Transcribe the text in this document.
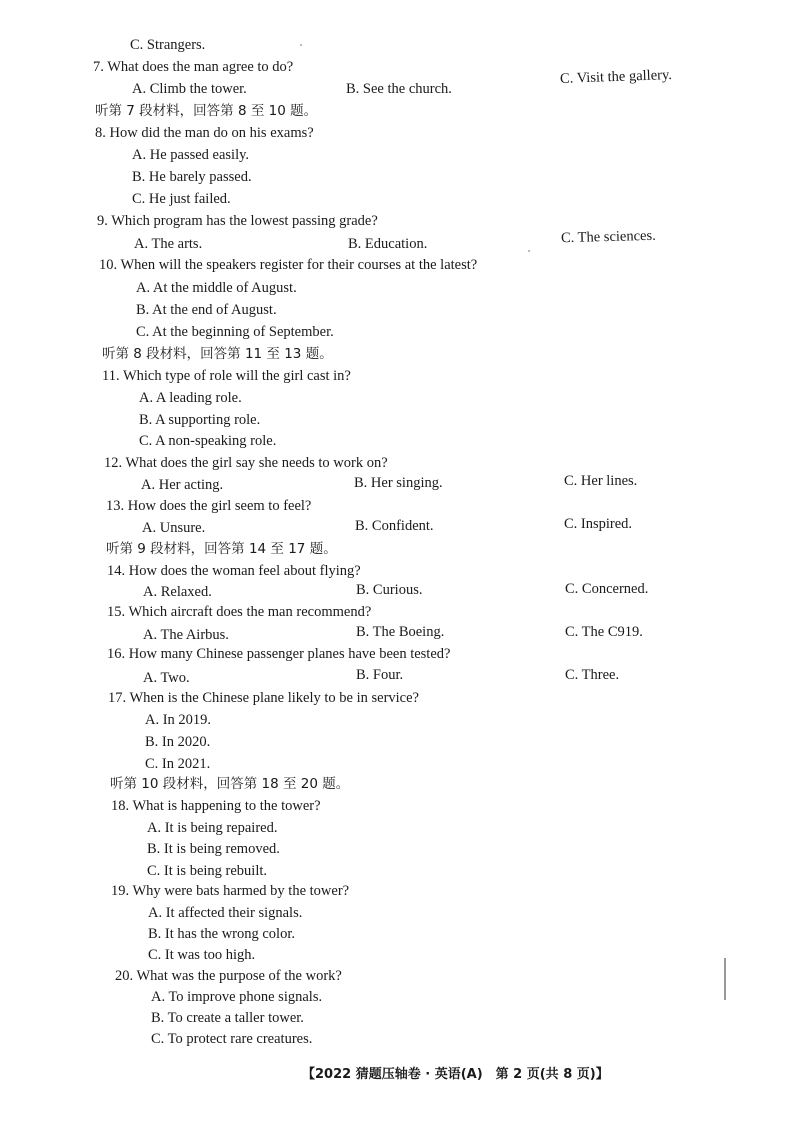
C. Strangers.
7. What does the man agree to do?
A. Climb the tower.	B. See the church.
C. Visit the gallery.
听第 7 段材料，回答第 8 至 10 题。
8. How did the man do on his exams?
A. He passed easily.
B. He barely passed.
C. He just failed.
9. Which program has the lowest passing grade?
A. The arts.	B. Education.	C. The sciences.
10. When will the speakers register for their courses at the latest?
A. At the middle of August.
B. At the end of August.
C. At the beginning of September.
听第 8 段材料，回答第 11 至 13 题。
11. Which type of role will the girl cast in?
A. A leading role.
B. A supporting role.
C. A non-speaking role.
12. What does the girl say she needs to work on?
A. Her acting.	B. Her singing.	C. Her lines.
13. How does the girl seem to feel?
A. Unsure.	B. Confident.	C. Inspired.
听第 9 段材料，回答第 14 至 17 题。
14. How does the woman feel about flying?
A. Relaxed.	B. Curious.	C. Concerned.
15. Which aircraft does the man recommend?
A. The Airbus.	B. The Boeing.	C. The C919.
16. How many Chinese passenger planes have been tested?
A. Two.	B. Four.	C. Three.
17. When is the Chinese plane likely to be in service?
A. In 2019.
B. In 2020.
C. In 2021.
听第 10 段材料，回答第 18 至 20 题。
18. What is happening to the tower?
A. It is being repaired.
B. It is being removed.
C. It is being rebuilt.
19. Why were bats harmed by the tower?
A. It affected their signals.
B. It has the wrong color.
C. It was too high.
20. What was the purpose of the work?
A. To improve phone signals.
B. To create a taller tower.
C. To protect rare creatures.
【2022 猜题压轴卷 · 英语(A)　第 2 页(共 8 页)】
